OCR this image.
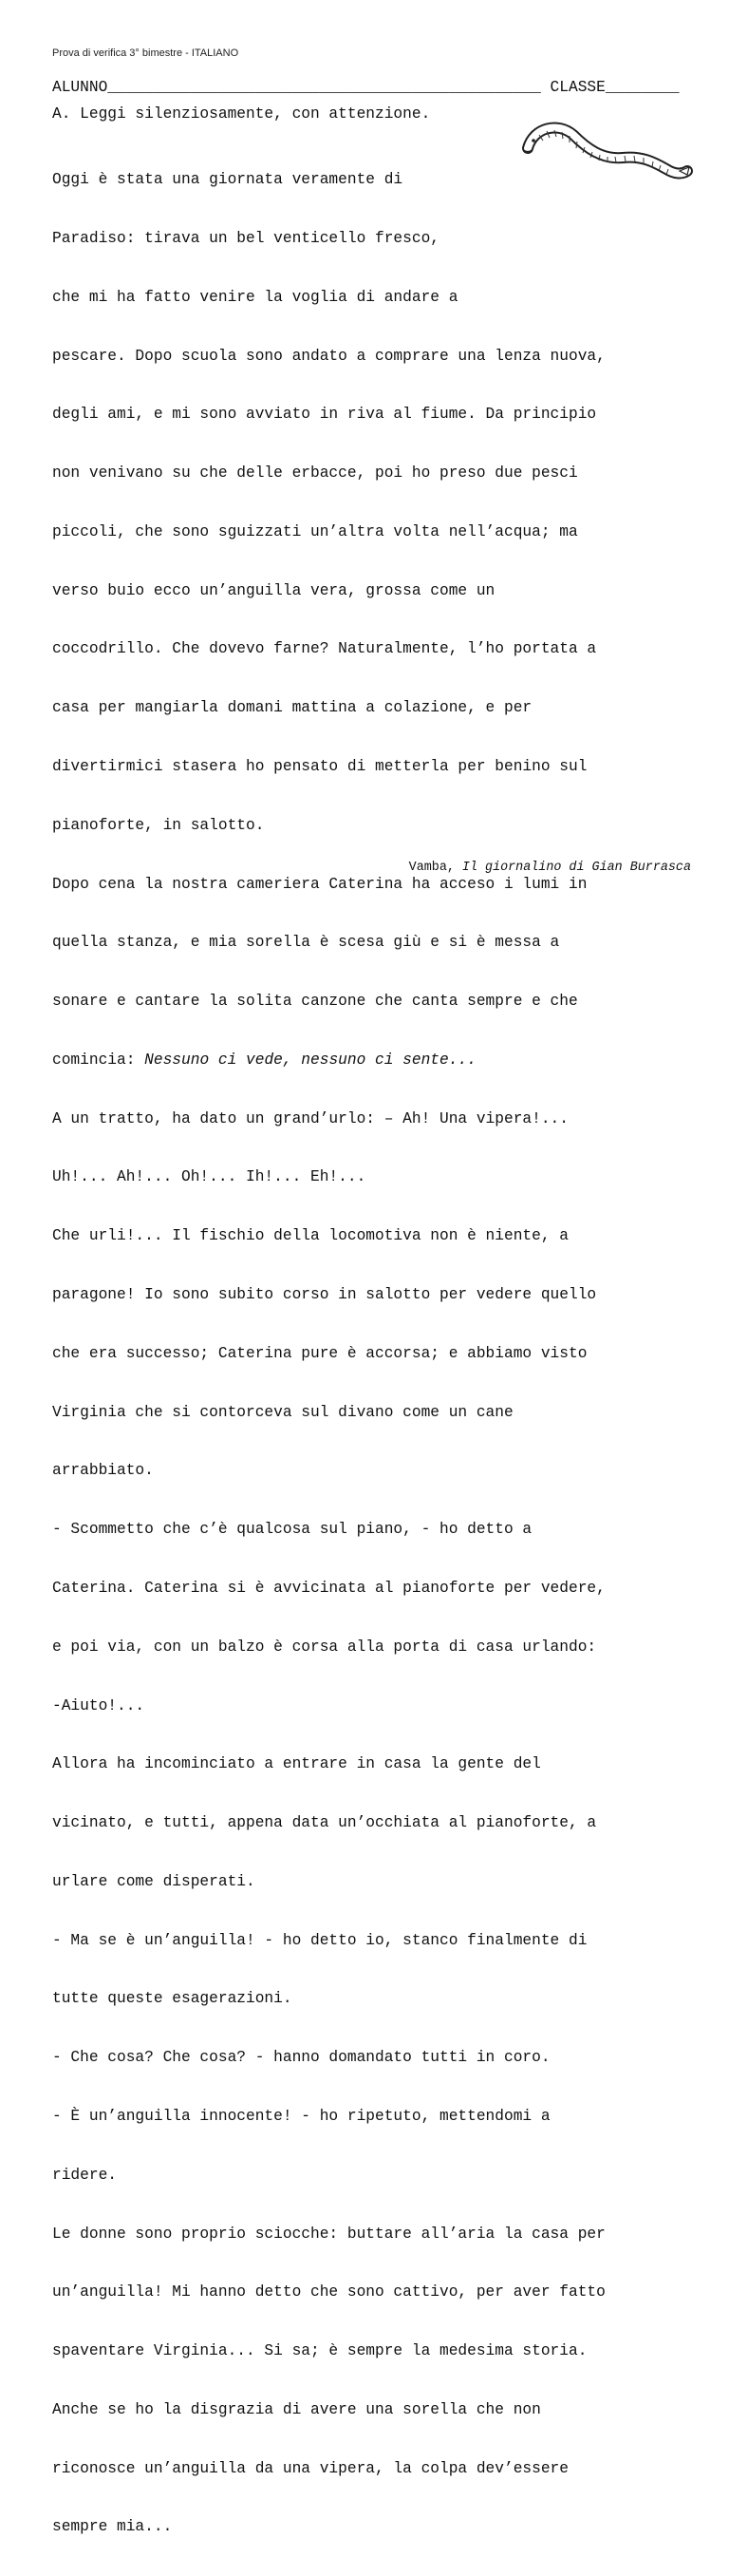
Prova di verifica 3° bimestre - ITALIANO
ALUNNO_______________________________________________ CLASSE________
A. Leggi silenziosamente, con attenzione.

Oggi è stata una giornata veramente di

Paradiso: tirava un bel venticello fresco,

che mi ha fatto venire la voglia di andare a

pescare. Dopo scuola sono andato a comprare una lenza nuova,

degli ami, e mi sono avviato in riva al fiume. Da principio

non venivano su che delle erbacce, poi ho preso due pesci

piccoli, che sono sguizzati un’altra volta nell’acqua; ma

verso buio ecco un’anguilla vera, grossa come un

coccodrillo. Che dovevo farne? Naturalmente, l’ho portata a

casa per mangiarla domani mattina a colazione, e per

divertirmici stasera ho pensato di metterla per benino sul

pianoforte, in salotto.

Dopo cena la nostra cameriera Caterina ha acceso i lumi in

quella stanza, e mia sorella è scesa giù e si è messa a

sonare e cantare la solita canzone che canta sempre e che

comincia: Nessuno ci vede, nessuno ci sente...

A un tratto, ha dato un grand’urlo: – Ah! Una vipera!...

Uh!... Ah!... Oh!... Ih!... Eh!...

Che urli!... Il fischio della locomotiva non è niente, a

paragone! Io sono subito corso in salotto per vedere quello

che era successo; Caterina pure è accorsa; e abbiamo visto

Virginia che si contorceva sul divano come un cane

arrabbiato.

- Scommetto che c’è qualcosa sul piano, - ho detto a

Caterina. Caterina si è avvicinata al pianoforte per vedere,

e poi via, con un balzo è corsa alla porta di casa urlando:

-Aiuto!...

Allora ha incominciato a entrare in casa la gente del

vicinato, e tutti, appena data un’occhiata al pianoforte, a

urlare come disperati.

- Ma se è un’anguilla! - ho detto io, stanco finalmente di

tutte queste esagerazioni.

- Che cosa? Che cosa? - hanno domandato tutti in coro.

- È un’anguilla innocente! - ho ripetuto, mettendomi a

ridere.

Le donne sono proprio sciocche: buttare all’aria la casa per

un’anguilla! Mi hanno detto che sono cattivo, per aver fatto

spaventare Virginia... Si sa; è sempre la medesima storia.

Anche se ho la disgrazia di avere una sorella che non

riconosce un’anguilla da una vipera, la colpa dev’essere

sempre mia...

Vamba, Il giornalino di Gian Burrasca
